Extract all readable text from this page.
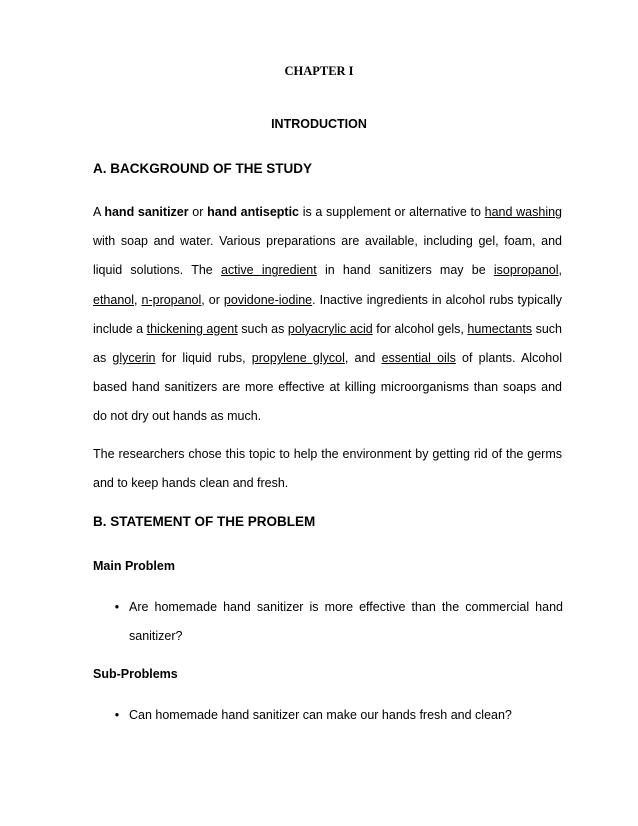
CHAPTER I
INTRODUCTION
A. BACKGROUND OF THE STUDY

A hand sanitizer or hand antiseptic is a supplement or alternative to hand washing with soap and water. Various preparations are available, including gel, foam, and liquid solutions. The active ingredient in hand sanitizers may be isopropanol, ethanol, n-propanol, or povidone-iodine. Inactive ingredients in alcohol rubs typically include a thickening agent such as polyacrylic acid for alcohol gels, humectants such as glycerin for liquid rubs, propylene glycol, and essential oils of plants. Alcohol based hand sanitizers are more effective at killing microorganisms than soaps and do not dry out hands as much.

The researchers chose this topic to help the environment by getting rid of the germs and to keep hands clean and fresh.

B. STATEMENT OF THE PROBLEM
Main Problem
• Are homemade hand sanitizer is more effective than the commercial hand sanitizer?

Sub-Problems
• Can homemade hand sanitizer can make our hands fresh and clean?
